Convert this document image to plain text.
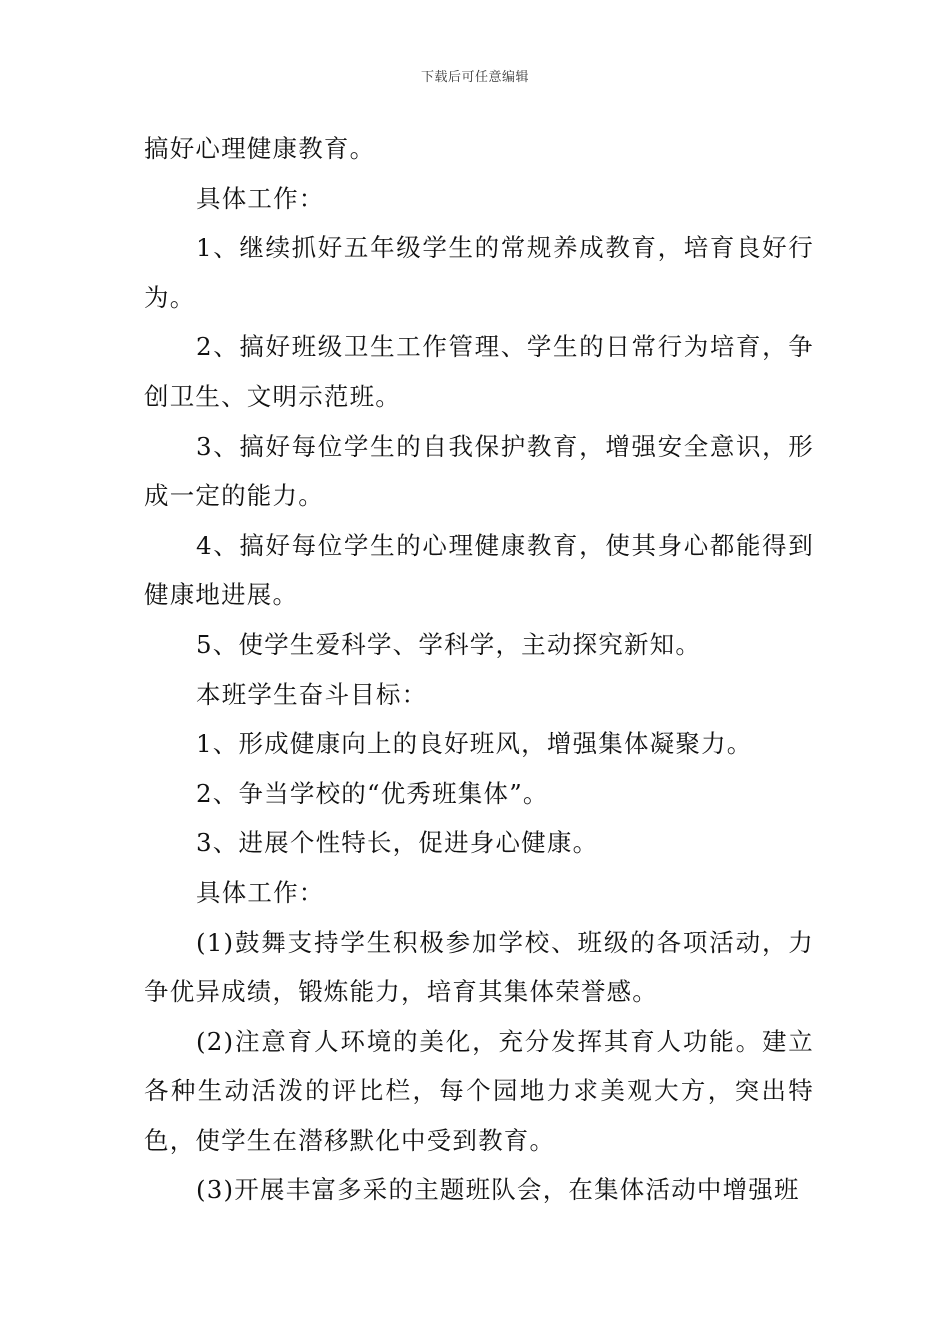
下载后可任意编辑

搞好心理健康教育。

具体工作：

1、继续抓好五年级学生的常规养成教育，培育良好行为。

2、搞好班级卫生工作管理、学生的日常行为培育，争创卫生、文明示范班。

3、搞好每位学生的自我保护教育，增强安全意识，形成一定的能力。

4、搞好每位学生的心理健康教育，使其身心都能得到健康地进展。

5、使学生爱科学、学科学，主动探究新知。

本班学生奋斗目标：

1、形成健康向上的良好班风，增强集体凝聚力。

2、争当学校的“优秀班集体”。

3、进展个性特长，促进身心健康。

具体工作：

(1)鼓舞支持学生积极参加学校、班级的各项活动，力争优异成绩，锻炼能力，培育其集体荣誉感。

(2)注意育人环境的美化，充分发挥其育人功能。建立各种生动活泼的评比栏，每个园地力求美观大方，突出特色，使学生在潜移默化中受到教育。

(3)开展丰富多采的主题班队会，在集体活动中增强班
